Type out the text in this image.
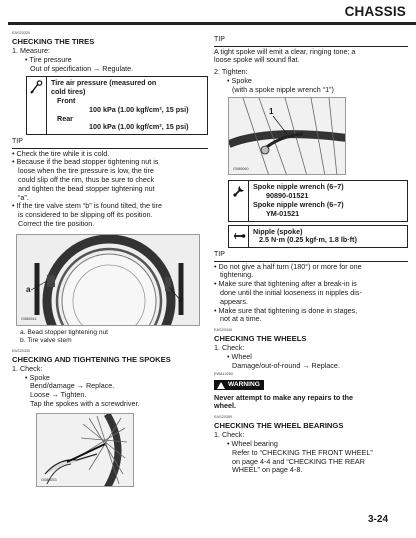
CHASSIS
EAS20320
CHECKING THE TIRES
1. Measure:
• Tire pressure
Out of specification → Regulate.
Tire air pressure (measured on
cold tires)
Front
100 kPa (1.00 kgf/cm², 15 psi)
Rear
100 kPa (1.00 kgf/cm², 15 psi)
TIP
• Check the tire while it is cold.
• Because if the bead stopper tightening nut is
loose when the tire pressure is low, the tire
could slip off the rim, thus be sure to check
and tighten the bead stopper tightening nut
“a”.
• If the tire valve stem “b” is found tilted, the tire
is considered to be slipping off its position.
Correct the tire position.
a
b
G080041
a. Bead stopper tightening nut
b. Tire valve stem
EAS20330
CHECKING AND TIGHTENING THE SPOKES
1. Check:
• Spoke
Bend/damage → Replace.
Loose → Tighten.
Tap the spokes with a screwdriver.
G080053
TIP
A tight spoke will emit a clear, ringing tone; a
loose spoke will sound flat.
2. Tighten:
• Spoke
(with a spoke nipple wrench “1”)
1
G080060
Spoke nipple wrench (6–7)
90890-01521
Spoke nipple wrench (6–7)
YM-01521
Nipple (spoke)
2.5 N·m (0.25 kgf·m, 1.8 lb·ft)
TIP
• Do not give a half turn (180°) or more for one
tightening.
• Make sure that tightening after a break-in is
done until the initial looseness in nipples dis-
appears.
• Make sure that tightening is done in stages,
not at a time.
EAS20340
CHECKING THE WHEELS
1. Check:
• Wheel
Damage/out-of-round → Replace.
EWA13260
WARNING
Never attempt to make any repairs to the
wheel.
EAS20350
CHECKING THE WHEEL BEARINGS
1. Check:
• Wheel bearing
Refer to “CHECKING THE FRONT WHEEL”
on page 4-4 and “CHECKING THE REAR
WHEEL” on page 4-8.
3-24
